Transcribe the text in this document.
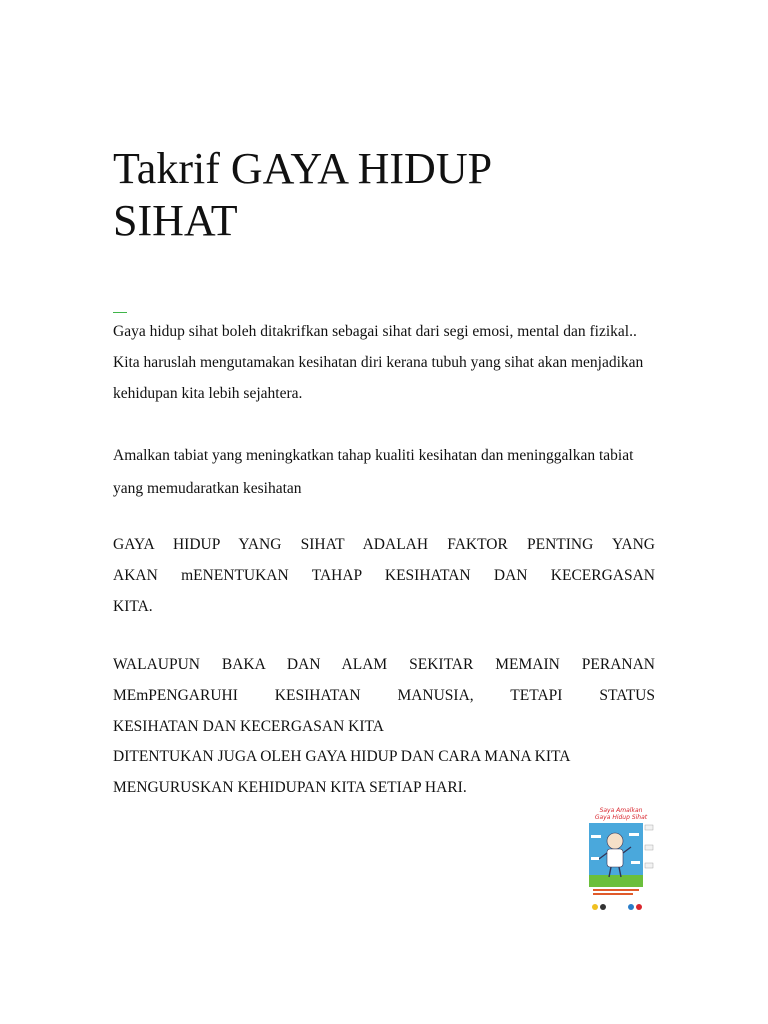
Takrif GAYA HIDUP
SIHAT

Gaya hidup sihat boleh ditakrifkan sebagai sihat dari segi emosi, mental dan fizikal.. Kita haruslah mengutamakan kesihatan diri kerana tubuh yang sihat akan menjadikan kehidupan kita lebih sejahtera.

Amalkan tabiat yang meningkatkan tahap kualiti kesihatan dan meninggalkan tabiat yang memudaratkan kesihatan

GAYA HIDUP YANG SIHAT ADALAH FAKTOR PENTING YANG
AKAN mENENTUKAN TAHAP KESIHATAN DAN KECERGASAN
KITA.

WALAUPUN BAKA DAN ALAM SEKITAR MEMAIN PERANAN
MEmPENGARUHI KESIHATAN MANUSIA, TETAPI STATUS
KESIHATAN DAN KECERGASAN KITA

DITENTUKAN JUGA OLEH GAYA HIDUP DAN CARA MANA KITA MENGURUSKAN KEHIDUPAN KITA SETIAP HARI.

Saya Amalkan
Gaya Hidup Sihat
